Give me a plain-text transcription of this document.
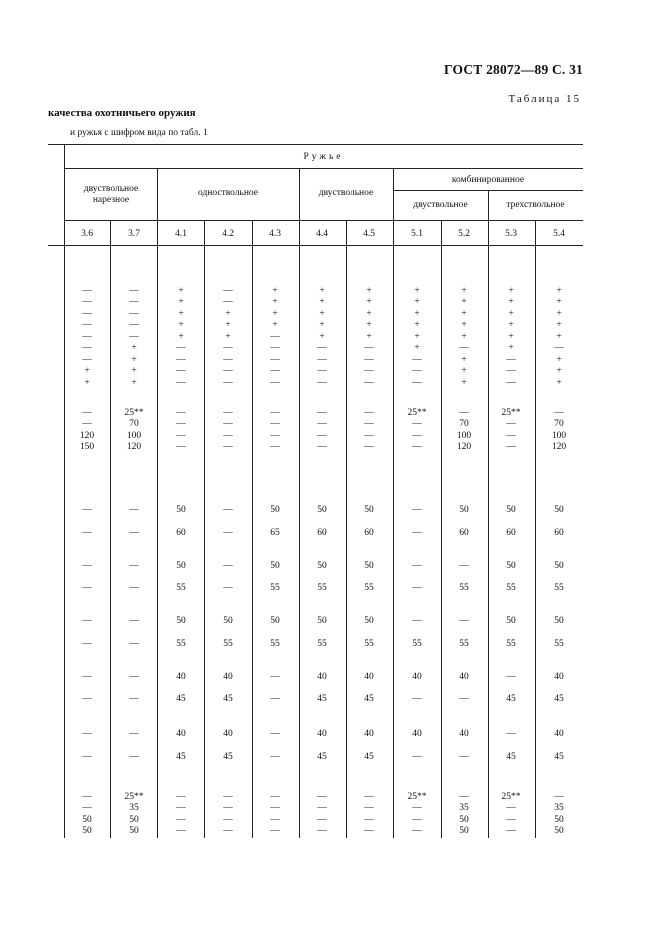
ГОСТ 28072—89 С. 31
Таблица 15
качества охотничьего оружия
и ружья с шифром вида по табл. 1
Ружье
двуствольное нарезное
одноствольное	двуствольное
комбинированное
двуствольное	трехствольное
3.6	3.7	4.1	4.2	4.3	4.4	4.5	5.1	5.2	5.3	5.4
—	—	+	—	+	+	+	+	+	+	+
—	—	+	—	+	+	+	+	+	+	+
—	—	+	+	+	+	+	+	+	+	+
—	—	+	+	+	+	+	+	+	+	+
—	—	+	+	—	+	+	+	+	+	+
—	+	—	—	—	—	—	+	—	+	—
—	+	—	—	—	—	—	—	+	—	+
+	+	—	—	—	—	—	—	+	—	+
+	+	—	—	—	—	—	—	+	—	+
—	25**	—	—	—	—	—	25**	—	25**	—
—	70	—	—	—	—	—	—	70	—	70
120	100	—	—	—	—	—	—	100	—	100
150	120	—	—	—	—	—	—	120	—	120
—	—	50	—	50	50	50	—	50	50	50
—	—	60	—	65	60	60	—	60	60	60
—	—	50	—	50	50	50	—	—	50	50
—	—	55	—	55	55	55	—	55	55	55
—	—	50	50	50	50	50	—	—	50	50
—	—	55	55	55	55	55	55	55	55	55
—	—	40	40	—	40	40	40	40	—	40
—	—	45	45	—	45	45	—	—	45	45
—	—	40	40	—	40	40	40	40	—	40
—	—	45	45	—	45	45	—	—	45	45
—	25**	—	—	—	—	—	25**	—	25**	—
—	35	—	—	—	—	—	—	35	—	35
50	50	—	—	—	—	—	—	50	—	50
50	50	—	—	—	—	—	—	50	—	50
